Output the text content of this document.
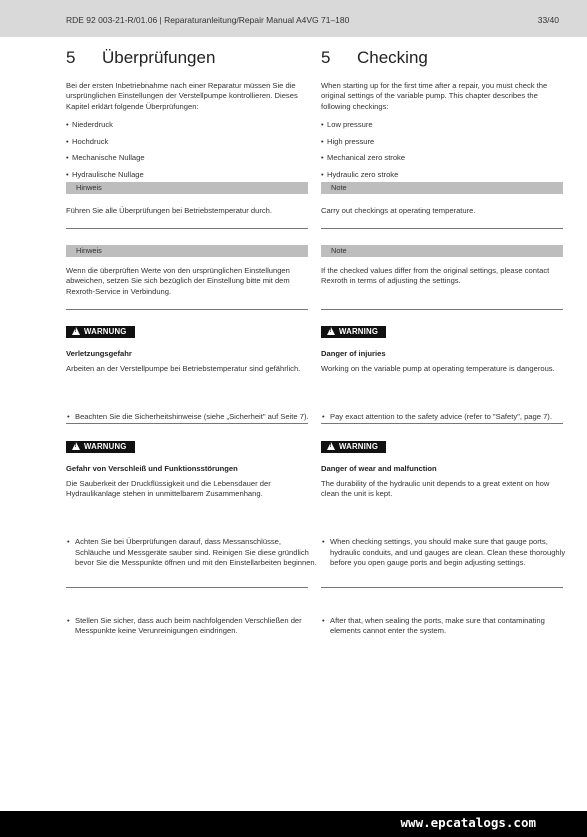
RDE 92 003-21-R/01.06 | Reparaturanleitung/Repair Manual A4VG 71–180	33/40
5 Überprüfungen
Bei der ersten Inbetriebnahme nach einer Reparatur müssen Sie die ursprünglichen Einstellungen der Verstellpumpe kontrollieren. Dieses Kapitel erklärt folgende Überprüfungen:
• Niederdruck
• Hochdruck
• Mechanische Nullage
• Hydraulische Nullage
Hinweis
Führen Sie alle Überprüfungen bei Betriebstemperatur durch.
Hinweis
Wenn die überprüften Werte von den ursprünglichen Einstellungen abweichen, setzen Sie sich bezüglich der Einstellung bitte mit dem Rexroth-Service in Verbindung.
!WARNUNG
Verletzungsgefahr
Arbeiten an der Verstellpumpe bei Betriebstemperatur sind gefährlich.
• Beachten Sie die Sicherheitshinweise (siehe „Sicherheit" auf Seite 7).
!WARNUNG
Gefahr von Verschleiß und Funktionsstörungen
Die Sauberkeit der Druckflüssigkeit und die Lebensdauer der Hydraulikanlage stehen in unmittelbarem Zusammenhang.
• Achten Sie bei Überprüfungen darauf, dass Messanschlüsse, Schläuche und Messgeräte sauber sind. Reinigen Sie diese gründlich bevor Sie die Messpunkte öffnen und mit den Einstellarbeiten beginnen.
• Stellen Sie sicher, dass auch beim nachfolgenden Verschließen der Messpunkte keine Verunreinigungen eindringen.
5 Checking
When starting up for the first time after a repair, you must check the original settings of the variable pump. This chapter describes the following checkings:
• Low pressure
• High pressure
• Mechanical zero stroke
• Hydraulic zero stroke
Note
Carry out checkings at operating temperature.
Note
If the checked values differ from the original settings, please contact Rexroth in terms of adjusting the settings.
!WARNING
Danger of injuries
Working on the variable pump at operating temperature is dangerous.
• Pay exact attention to the safety advice (refer to "Safety", page 7).
!WARNING
Danger of wear and malfunction
The durability of the hydraulic unit depends to a great extent on how clean the unit is kept.
• When checking settings, you should make sure that gauge ports, hydraulic conduits, and und gauges are clean. Clean these thoroughly before you open gauge ports and begin adjusting settings.
• After that, when sealing the ports, make sure that contaminating elements cannot enter the system.
www.epcatalogs.com
